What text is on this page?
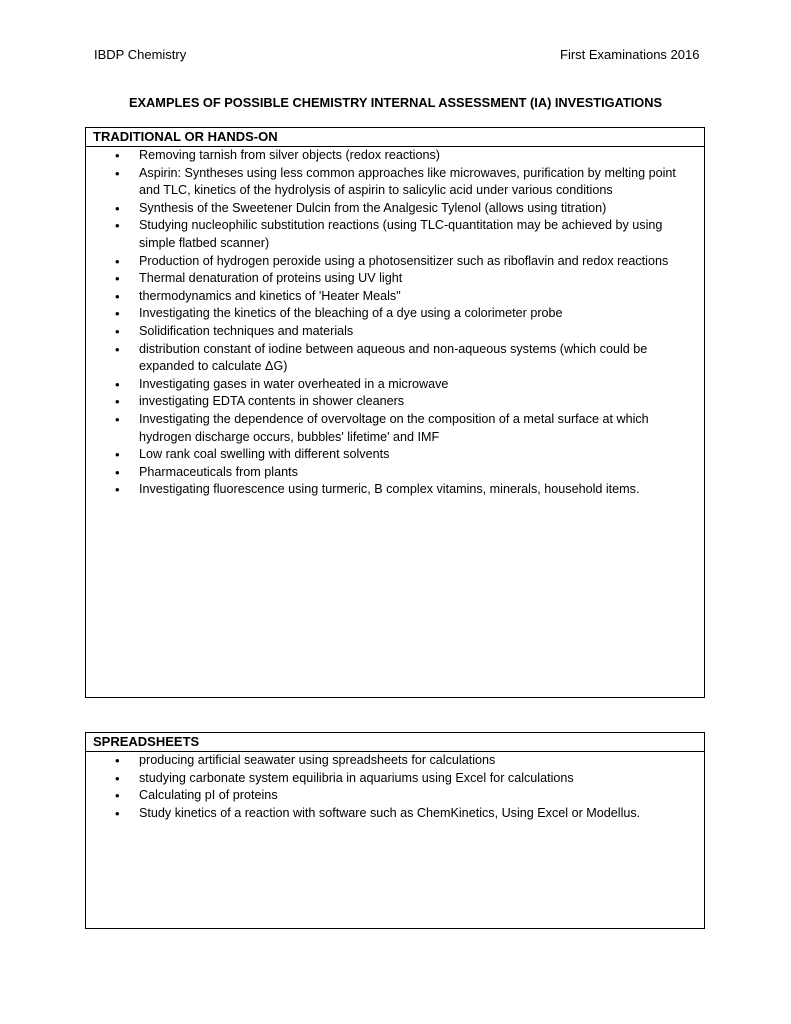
IBDP Chemistry	First Examinations 2016
EXAMPLES OF POSSIBLE CHEMISTRY INTERNAL ASSESSMENT (IA) INVESTIGATIONS
TRADITIONAL OR HANDS-ON
• Removing tarnish from silver objects (redox reactions)
• Aspirin: Syntheses using less common approaches like microwaves, purification by melting point and TLC, kinetics of the hydrolysis of aspirin to salicylic acid under various conditions
• Synthesis of the Sweetener Dulcin from the Analgesic Tylenol (allows using titration)
• Studying nucleophilic substitution reactions (using TLC-quantitation may be achieved by using simple flatbed scanner)
• Production of hydrogen peroxide using a photosensitizer such as riboflavin and redox reactions
• Thermal denaturation of proteins using UV light
• thermodynamics and kinetics of 'Heater Meals"
• Investigating the kinetics of the bleaching of a dye using a colorimeter probe
• Solidification techniques and materials
• distribution constant of iodine between aqueous and non-aqueous systems (which could be expanded to calculate ΔG)
• Investigating gases in water overheated in a microwave
• investigating EDTA contents in shower cleaners
• Investigating the dependence of overvoltage on the composition of a metal surface at which hydrogen discharge occurs, bubbles' lifetime' and IMF
• Low rank coal swelling with different solvents
• Pharmaceuticals from plants
• Investigating fluorescence using turmeric, B complex vitamins, minerals, household items.
SPREADSHEETS
• producing artificial seawater using spreadsheets for calculations
• studying carbonate system equilibria in aquariums using Excel for calculations
• Calculating pI of proteins
• Study kinetics of a reaction with software such as ChemKinetics, Using Excel or Modellus.
